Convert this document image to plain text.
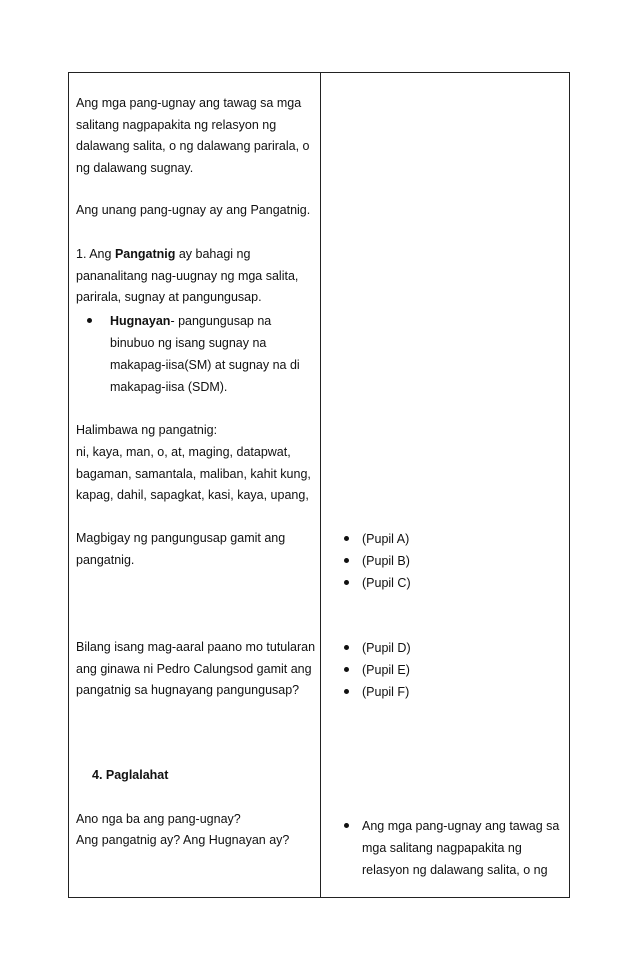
Ang mga pang-ugnay ang tawag sa mga salitang nagpapakita ng relasyon ng dalawang salita, o ng dalawang parirala, o ng dalawang sugnay.

Ang unang pang-ugnay ay ang Pangatnig.

1. Ang Pangatnig ay bahagi ng pananalitang nag-uugnay ng mga salita, parirala, sugnay at pangungusap.

Hugnayan- pangungusap na binubuo ng isang sugnay na makapag-iisa(SM) at sugnay na di makapag-iisa (SDM).

Halimbawa ng pangatnig:

ni, kaya, man, o, at, maging, datapwat, bagaman, samantala, maliban, kahit kung, kapag, dahil, sapagkat, kasi, kaya, upang,

Magbigay ng pangungusap gamit ang pangatnig.

Bilang isang mag-aaral paano mo tutularan ang ginawa ni Pedro Calungsod gamit ang pangatnig sa hugnayang pangungusap?

4. Paglalahat

Ano nga ba ang pang-ugnay?

Ang pangatnig ay? Ang Hugnayan ay?

(Pupil A)
(Pupil B)
(Pupil C)
(Pupil D)
(Pupil E)
(Pupil F)
Ang mga pang-ugnay ang tawag sa mga salitang nagpapakita ng relasyon ng dalawang salita, o ng
